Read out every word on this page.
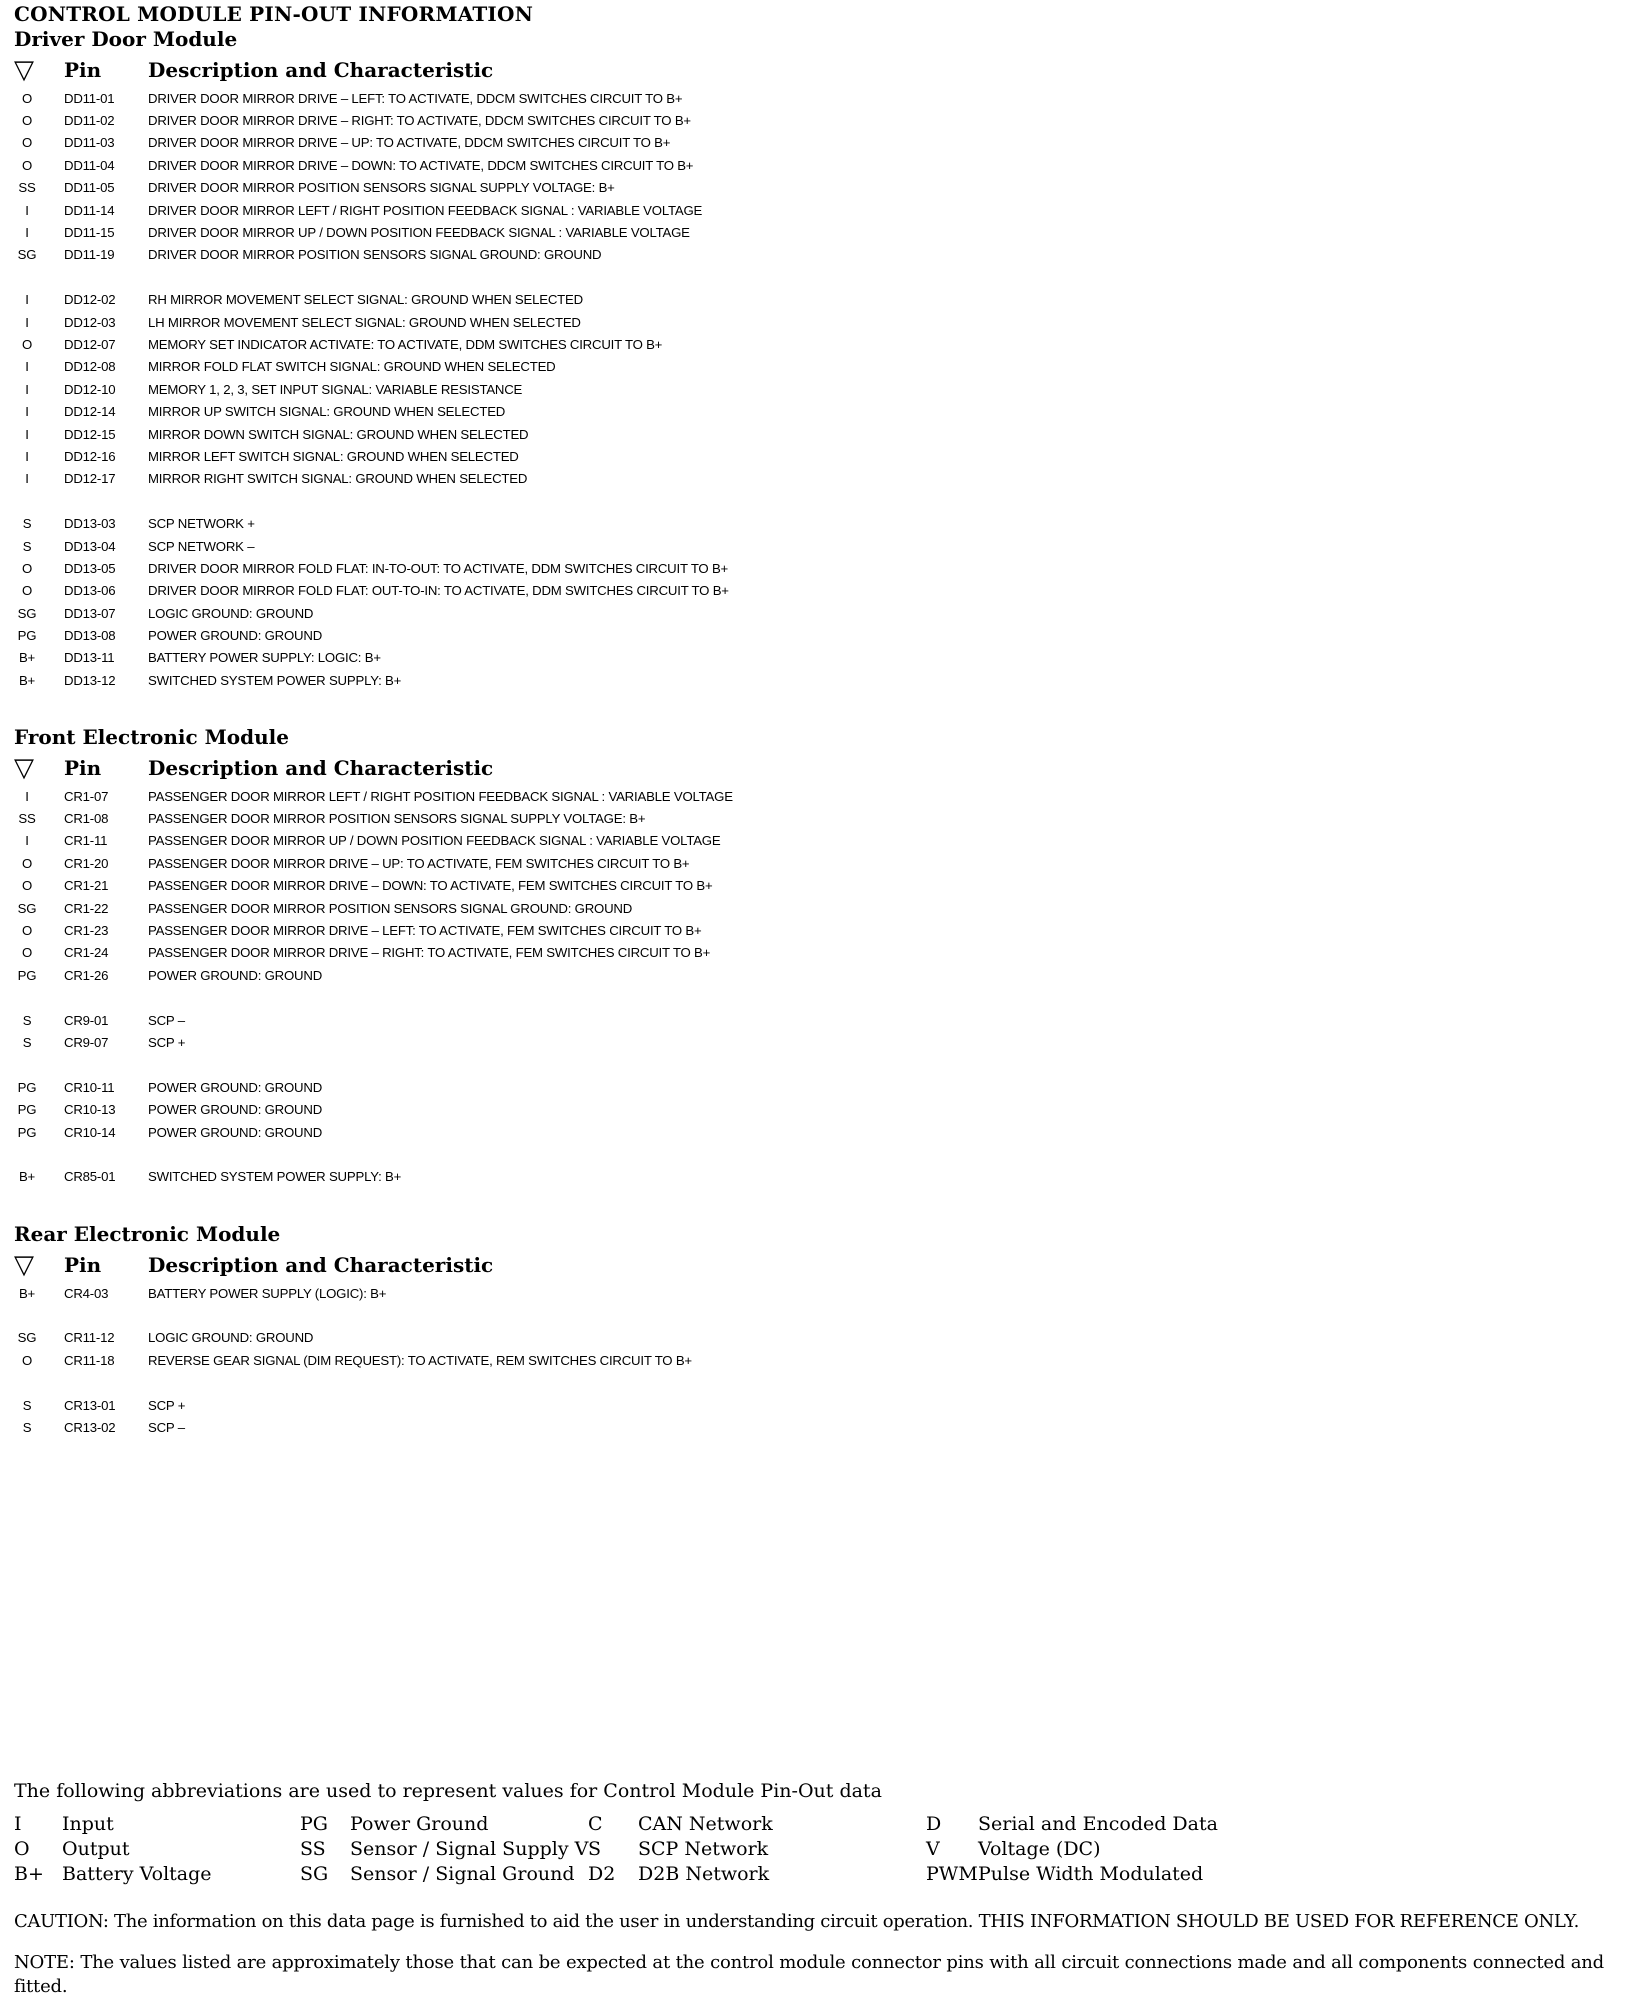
CONTROL MODULE PIN-OUT INFORMATION
Driver Door Module
▽	Pin	Description and Characteristic
O	DD11-01	DRIVER DOOR MIRROR DRIVE – LEFT: TO ACTIVATE, DDCM SWITCHES CIRCUIT TO B+
O	DD11-02	DRIVER DOOR MIRROR DRIVE – RIGHT: TO ACTIVATE, DDCM SWITCHES CIRCUIT TO B+
O	DD11-03	DRIVER DOOR MIRROR DRIVE – UP: TO ACTIVATE, DDCM SWITCHES CIRCUIT TO B+
O	DD11-04	DRIVER DOOR MIRROR DRIVE – DOWN: TO ACTIVATE, DDCM SWITCHES CIRCUIT TO B+
SS	DD11-05	DRIVER DOOR MIRROR POSITION SENSORS SIGNAL SUPPLY VOLTAGE: B+
I	DD11-14	DRIVER DOOR MIRROR LEFT / RIGHT POSITION FEEDBACK SIGNAL : VARIABLE VOLTAGE
I	DD11-15	DRIVER DOOR MIRROR UP / DOWN POSITION FEEDBACK SIGNAL : VARIABLE VOLTAGE
SG	DD11-19	DRIVER DOOR MIRROR POSITION SENSORS SIGNAL GROUND: GROUND
I	DD12-02	RH MIRROR MOVEMENT SELECT SIGNAL: GROUND WHEN SELECTED
I	DD12-03	LH MIRROR MOVEMENT SELECT SIGNAL: GROUND WHEN SELECTED
O	DD12-07	MEMORY SET INDICATOR ACTIVATE: TO ACTIVATE, DDM SWITCHES CIRCUIT TO B+
I	DD12-08	MIRROR FOLD FLAT SWITCH SIGNAL: GROUND WHEN SELECTED
I	DD12-10	MEMORY 1, 2, 3, SET INPUT SIGNAL: VARIABLE RESISTANCE
I	DD12-14	MIRROR UP SWITCH SIGNAL: GROUND WHEN SELECTED
I	DD12-15	MIRROR DOWN SWITCH SIGNAL: GROUND WHEN SELECTED
I	DD12-16	MIRROR LEFT SWITCH SIGNAL: GROUND WHEN SELECTED
I	DD12-17	MIRROR RIGHT SWITCH SIGNAL: GROUND WHEN SELECTED
S	DD13-03	SCP NETWORK +
S	DD13-04	SCP NETWORK –
O	DD13-05	DRIVER DOOR MIRROR FOLD FLAT: IN-TO-OUT: TO ACTIVATE, DDM SWITCHES CIRCUIT TO B+
O	DD13-06	DRIVER DOOR MIRROR FOLD FLAT: OUT-TO-IN: TO ACTIVATE, DDM SWITCHES CIRCUIT TO B+
SG	DD13-07	LOGIC GROUND: GROUND
PG	DD13-08	POWER GROUND: GROUND
B+	DD13-11	BATTERY POWER SUPPLY: LOGIC: B+
B+	DD13-12	SWITCHED SYSTEM POWER SUPPLY: B+
Front Electronic Module
▽	Pin	Description and Characteristic
I	CR1-07	PASSENGER DOOR MIRROR LEFT / RIGHT POSITION FEEDBACK SIGNAL : VARIABLE VOLTAGE
SS	CR1-08	PASSENGER DOOR MIRROR POSITION SENSORS SIGNAL SUPPLY VOLTAGE: B+
I	CR1-11	PASSENGER DOOR MIRROR UP / DOWN POSITION FEEDBACK SIGNAL : VARIABLE VOLTAGE
O	CR1-20	PASSENGER DOOR MIRROR DRIVE – UP: TO ACTIVATE, FEM SWITCHES CIRCUIT TO B+
O	CR1-21	PASSENGER DOOR MIRROR DRIVE – DOWN: TO ACTIVATE, FEM SWITCHES CIRCUIT TO B+
SG	CR1-22	PASSENGER DOOR MIRROR POSITION SENSORS SIGNAL GROUND: GROUND
O	CR1-23	PASSENGER DOOR MIRROR DRIVE – LEFT: TO ACTIVATE, FEM SWITCHES CIRCUIT TO B+
O	CR1-24	PASSENGER DOOR MIRROR DRIVE – RIGHT: TO ACTIVATE, FEM SWITCHES CIRCUIT TO B+
PG	CR1-26	POWER GROUND: GROUND
S	CR9-01	SCP –
S	CR9-07	SCP +
PG	CR10-11	POWER GROUND: GROUND
PG	CR10-13	POWER GROUND: GROUND
PG	CR10-14	POWER GROUND: GROUND
B+	CR85-01	SWITCHED SYSTEM POWER SUPPLY: B+
Rear Electronic Module
▽	Pin	Description and Characteristic
B+	CR4-03	BATTERY POWER SUPPLY (LOGIC): B+
SG	CR11-12	LOGIC GROUND: GROUND
O	CR11-18	REVERSE GEAR SIGNAL (DIM REQUEST): TO ACTIVATE, REM SWITCHES CIRCUIT TO B+
S	CR13-01	SCP +
S	CR13-02	SCP –
The following abbreviations are used to represent values for Control Module Pin-Out data
I Input	PG Power Ground	C CAN Network	D Serial and Encoded Data
O Output	SS Sensor / Signal Supply V S SCP Network	V Voltage (DC)
B+ Battery Voltage	SG Sensor / Signal Ground D2 D2B Network	PWM Pulse Width Modulated
CAUTION: The information on this data page is furnished to aid the user in understanding circuit operation. THIS INFORMATION SHOULD BE USED FOR REFERENCE ONLY.
NOTE: The values listed are approximately those that can be expected at the control module connector pins with all circuit connections made and all components connected and fitted.
